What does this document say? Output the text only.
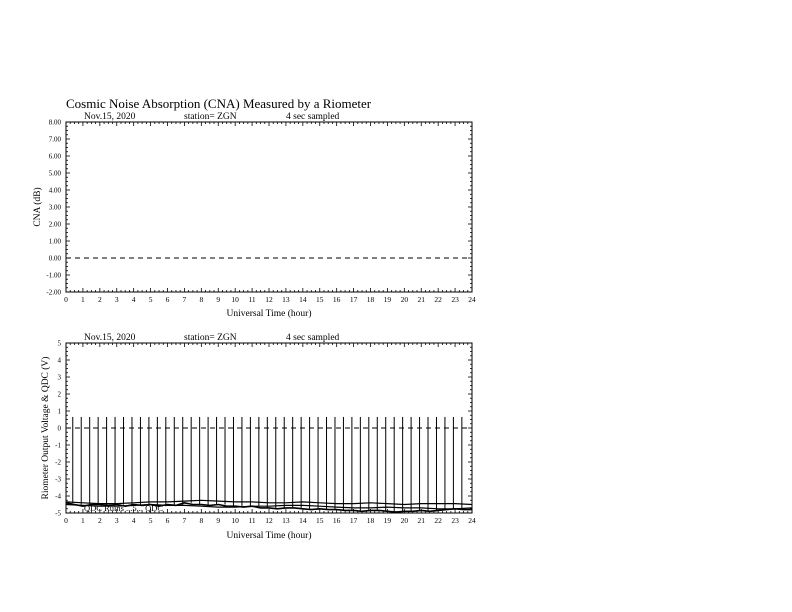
Cosmic Noise Absorption (CNA) Measured by a Riometer
Nov.15, 2020	station= ZGN	4 sec sampled
0 1 2 3 4 5 6 7 8 9 10 11 12 13 14 15 16 17 18 19 20 21 22 23 24
-2.00
-1.00
0.00
1.00
2.00
3.00
4.00
5.00
6.00
7.00
8.00
Universal Time (hour)
CNA (dB)
Nov.15, 2020	station= ZGN	4 sec sampled
QDC Ruins ...5... QDC
0 1 2 3 4 5 6 7 8 9 10 11 12 13 14 15 16 17 18 19 20 21 22 23 24
-5
-4
-3
-2
-1
0
1
2
3
4
5
Universal Time (hour)
Riometer Output Voltage & QDC (V)
